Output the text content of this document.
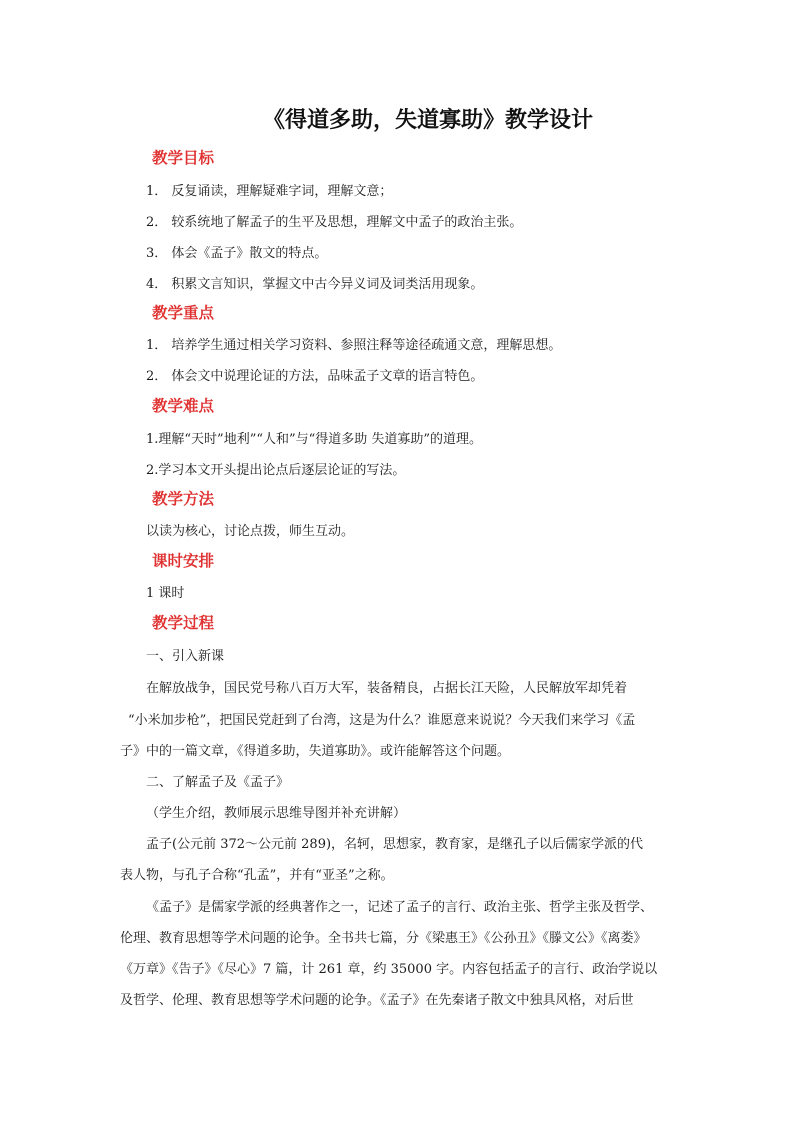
《得道多助，失道寡助》教学设计
教学目标
1． 反复诵读，理解疑难字词，理解文意；
2． 较系统地了解孟子的生平及思想，理解文中孟子的政治主张。
3． 体会《孟子》散文的特点。
4． 积累文言知识，掌握文中古今异义词及词类活用现象。
教学重点
1． 培养学生通过相关学习资料、参照注释等途径疏通文意，理解思想。
2． 体会文中说理论证的方法，品味孟子文章的语言特色。
教学难点
1.理解“天时”地利”“人和”与“得道多助 失道寡助”的道理。
2.学习本文开头提出论点后逐层论证的写法。
教学方法
以读为核心，讨论点拨，师生互动。
课时安排
1 课时
教学过程
一、引入新课
在解放战争，国民党号称八百万大军，装备精良，占据长江天险，人民解放军却凭着
“小米加步枪”，把国民党赶到了台湾，这是为什么？谁愿意来说说？今天我们来学习《孟
子》中的一篇文章，《得道多助，失道寡助》。或许能解答这个问题。
二、了解孟子及《孟子》
（学生介绍，教师展示思维导图并补充讲解）
孟子(公元前 372～公元前 289)，名轲，思想家，教育家，是继孔子以后儒家学派的代
表人物，与孔子合称“孔孟”，并有“亚圣”之称。
《孟子》是儒家学派的经典著作之一，记述了孟子的言行、政治主张、哲学主张及哲学、
伦理、教育思想等学术问题的论争。全书共七篇，分《梁惠王》《公孙丑》《滕文公》《离娄》
《万章》《告子》《尽心》7 篇，计 261 章，约 35000 字。内容包括孟子的言行、政治学说以
及哲学、伦理、教育思想等学术问题的论争。《孟子》在先秦诸子散文中独具风格，对后世
